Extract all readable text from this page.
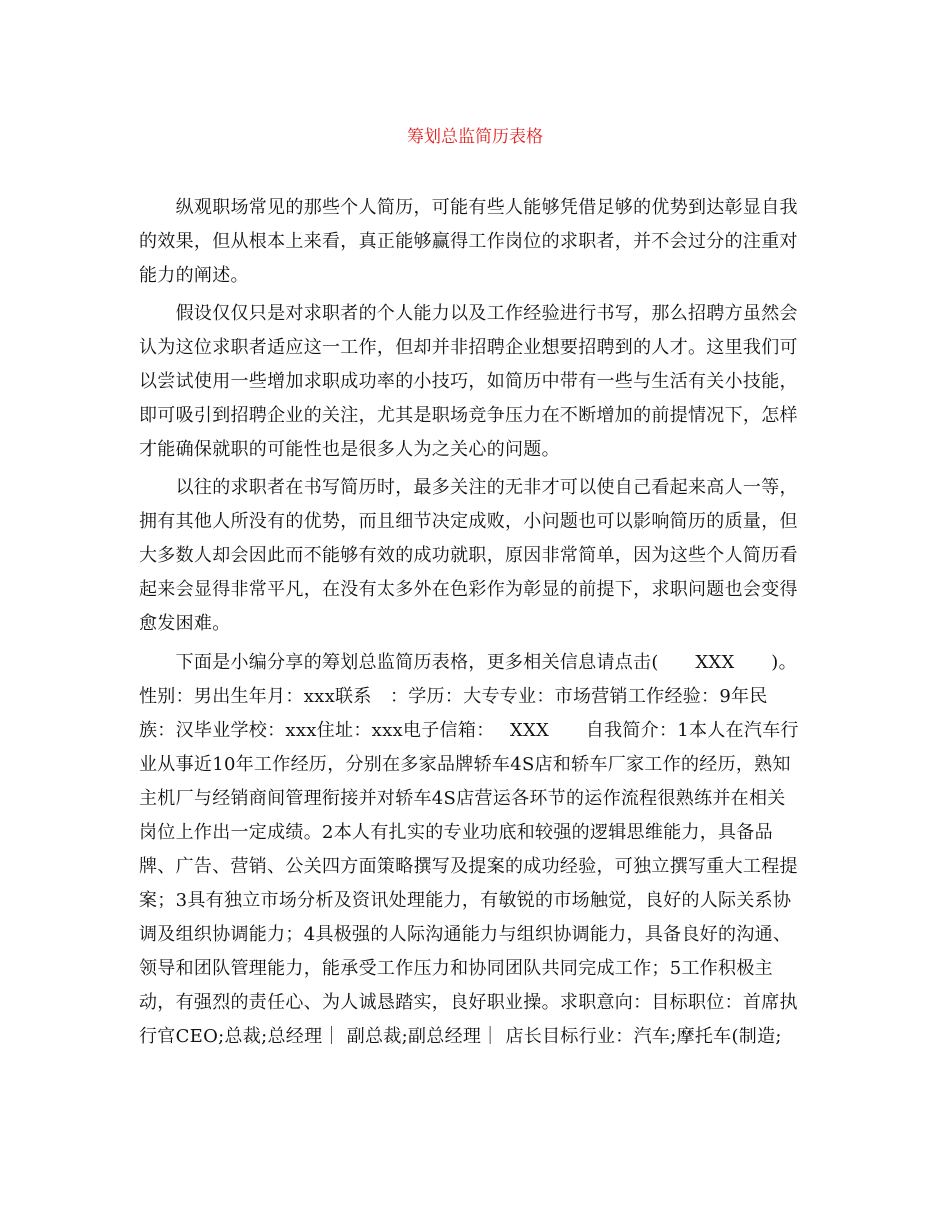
筹划总监简历表格
　　纵观职场常见的那些个人简历，可能有些人能够凭借足够的优势到达彰显自我
的效果，但从根本上来看，真正能够赢得工作岗位的求职者，并不会过分的注重对
能力的阐述。
　　假设仅仅只是对求职者的个人能力以及工作经验进行书写，那么招聘方虽然会
认为这位求职者适应这一工作，但却并非招聘企业想要招聘到的人才。这里我们可
以尝试使用一些增加求职成功率的小技巧，如简历中带有一些与生活有关小技能，
即可吸引到招聘企业的关注，尤其是职场竞争压力在不断增加的前提情况下，怎样
才能确保就职的可能性也是很多人为之关心的问题。
　　以往的求职者在书写简历时，最多关注的无非才可以使自己看起来高人一等，
拥有其他人所没有的优势，而且细节决定成败，小问题也可以影响简历的质量，但
大多数人却会因此而不能够有效的成功就职，原因非常简单，因为这些个人简历看
起来会显得非常平凡，在没有太多外在色彩作为彰显的前提下，求职问题也会变得
愈发困难。
　　下面是小编分享的筹划总监简历表格，更多相关信息请点击(　　XXX　　)。
性别：男出生年月：xxx联系　：学历：大专专业：市场营销工作经验：9年民
族：汉毕业学校：xxx住址：xxx电子信箱：　 XXX　　自我简介：1本人在汽车行
业从事近10年工作经历，分别在多家品牌轿车4S店和轿车厂家工作的经历，熟知
主机厂与经销商间管理衔接并对轿车4S店营运各环节的运作流程很熟练并在相关
岗位上作出一定成绩。2本人有扎实的专业功底和较强的逻辑思维能力，具备品
牌、广告、营销、公关四方面策略撰写及提案的成功经验，可独立撰写重大工程提
案；3具有独立市场分析及资讯处理能力，有敏锐的市场触觉，良好的人际关系协
调及组织协调能力；4具极强的人际沟通能力与组织协调能力，具备良好的沟通、
领导和团队管理能力，能承受工作压力和协同团队共同完成工作；5工作积极主
动，有强烈的责任心、为人诚恳踏实，良好职业操。求职意向：目标职位：首席执
行官CEO;总裁;总经理｜ 副总裁;副总经理｜ 店长目标行业：汽车;摩托车(制造;
